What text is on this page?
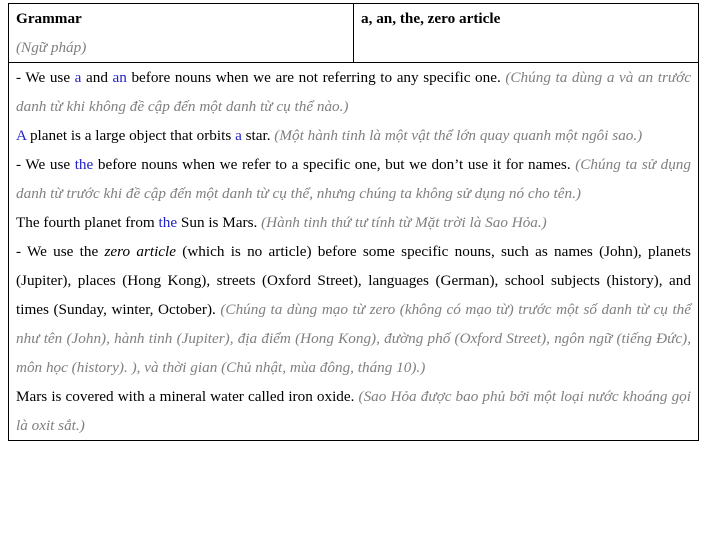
Grammar
(Ngữ pháp)

a, an, the, zero article

- We use a and an before nouns when we are not referring to any specific one. (Chúng ta dùng a và an trước danh từ khi không đề cập đến một danh từ cụ thể nào.)

A planet is a large object that orbits a star. (Một hành tinh là một vật thể lớn quay quanh một ngôi sao.)

- We use the before nouns when we refer to a specific one, but we don’t use it for names. (Chúng ta sử dụng danh từ trước khi đề cập đến một danh từ cụ thể, nhưng chúng ta không sử dụng nó cho tên.)

The fourth planet from the Sun is Mars. (Hành tinh thứ tư tính từ Mặt trời là Sao Hỏa.)

- We use the zero article (which is no article) before some specific nouns, such as names (John), planets (Jupiter), places (Hong Kong), streets (Oxford Street), languages (German), school subjects (history), and times (Sunday, winter, October). (Chúng ta dùng mạo từ zero (không có mạo từ) trước một số danh từ cụ thể như tên (John), hành tinh (Jupiter), địa điểm (Hong Kong), đường phố (Oxford Street), ngôn ngữ (tiếng Đức), môn học (history). ), và thời gian (Chủ nhật, mùa đông, tháng 10).)

Mars is covered with a mineral water called iron oxide. (Sao Hỏa được bao phủ bởi một loại nước khoáng gọi là oxit sắt.)
